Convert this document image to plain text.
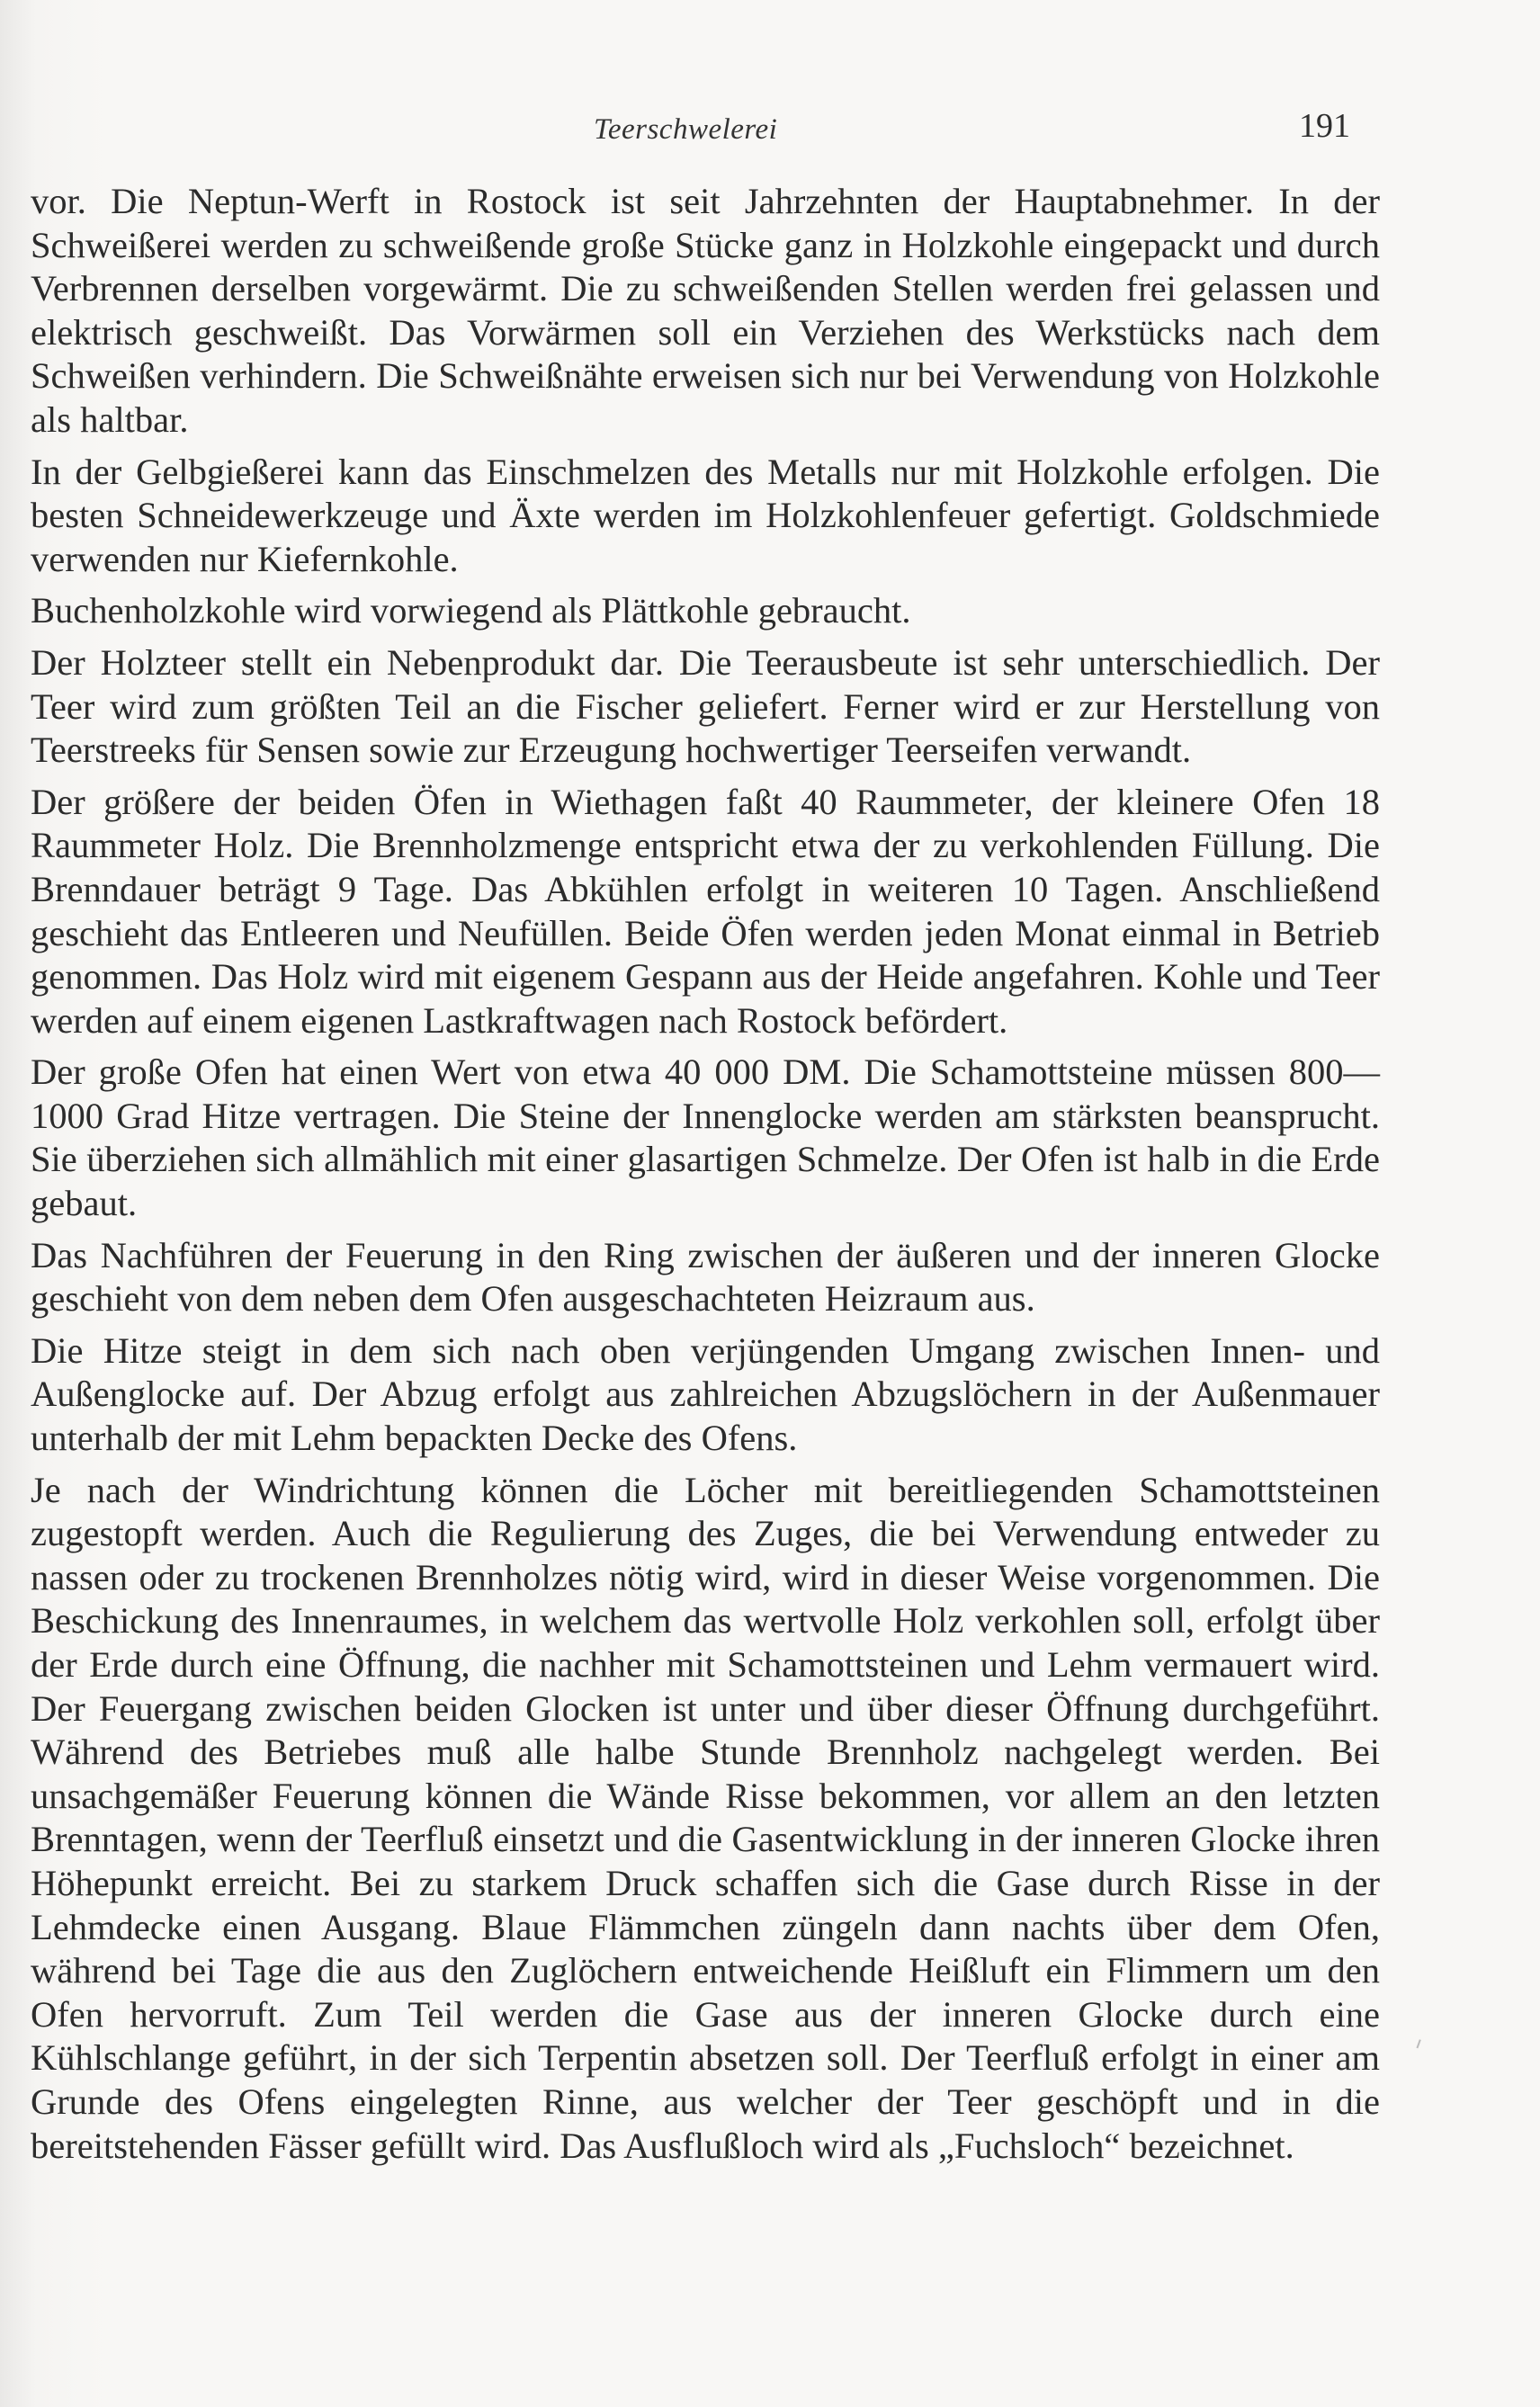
Teerschwelerei	191

vor. Die Neptun-Werft in Rostock ist seit Jahrzehnten der Hauptabnehmer. In der Schweißerei werden zu schweißende große Stücke ganz in Holzkohle eingepackt und durch Verbrennen derselben vorgewärmt. Die zu schweißenden Stellen werden frei gelassen und elektrisch geschweißt. Das Vorwärmen soll ein Verziehen des Werkstücks nach dem Schweißen verhindern. Die Schweißnähte erweisen sich nur bei Verwendung von Holzkohle als haltbar.

In der Gelbgießerei kann das Einschmelzen des Metalls nur mit Holzkohle erfolgen. Die besten Schneidewerkzeuge und Äxte werden im Holzkohlenfeuer gefertigt. Goldschmiede verwenden nur Kiefernkohle.

Buchenholzkohle wird vorwiegend als Plättkohle gebraucht.

Der Holzteer stellt ein Nebenprodukt dar. Die Teerausbeute ist sehr unterschiedlich. Der Teer wird zum größten Teil an die Fischer geliefert. Ferner wird er zur Herstellung von Teerstreeks für Sensen sowie zur Erzeugung hochwertiger Teerseifen verwandt.

Der größere der beiden Öfen in Wiethagen faßt 40 Raummeter, der kleinere Ofen 18 Raummeter Holz. Die Brennholzmenge entspricht etwa der zu verkohlenden Füllung. Die Brenndauer beträgt 9 Tage. Das Abkühlen erfolgt in weiteren 10 Tagen. Anschließend geschieht das Entleeren und Neufüllen. Beide Öfen werden jeden Monat einmal in Betrieb genommen. Das Holz wird mit eigenem Gespann aus der Heide angefahren. Kohle und Teer werden auf einem eigenen Lastkraftwagen nach Rostock befördert.

Der große Ofen hat einen Wert von etwa 40 000 DM. Die Schamottsteine müssen 800—1000 Grad Hitze vertragen. Die Steine der Innenglocke werden am stärksten beansprucht. Sie überziehen sich allmählich mit einer glasartigen Schmelze. Der Ofen ist halb in die Erde gebaut.

Das Nachführen der Feuerung in den Ring zwischen der äußeren und der inneren Glocke geschieht von dem neben dem Ofen ausgeschachteten Heizraum aus.

Die Hitze steigt in dem sich nach oben verjüngenden Umgang zwischen Innen- und Außenglocke auf. Der Abzug erfolgt aus zahlreichen Abzugslöchern in der Außenmauer unterhalb der mit Lehm bepackten Decke des Ofens.

Je nach der Windrichtung können die Löcher mit bereitliegenden Schamottsteinen zugestopft werden. Auch die Regulierung des Zuges, die bei Verwendung entweder zu nassen oder zu trockenen Brennholzes nötig wird, wird in dieser Weise vorgenommen. Die Beschickung des Innenraumes, in welchem das wertvolle Holz verkohlen soll, erfolgt über der Erde durch eine Öffnung, die nachher mit Schamottsteinen und Lehm vermauert wird. Der Feuergang zwischen beiden Glocken ist unter und über dieser Öffnung durchgeführt. Während des Betriebes muß alle halbe Stunde Brennholz nachgelegt werden. Bei unsachgemäßer Feuerung können die Wände Risse bekommen, vor allem an den letzten Brenntagen, wenn der Teerfluß einsetzt und die Gasentwicklung in der inneren Glocke ihren Höhepunkt erreicht. Bei zu starkem Druck schaffen sich die Gase durch Risse in der Lehmdecke einen Ausgang. Blaue Flämmchen züngeln dann nachts über dem Ofen, während bei Tage die aus den Zuglöchern entweichende Heißluft ein Flimmern um den Ofen hervorruft. Zum Teil werden die Gase aus der inneren Glocke durch eine Kühlschlange geführt, in der sich Terpentin absetzen soll. Der Teerfluß erfolgt in einer am Grunde des Ofens eingelegten Rinne, aus welcher der Teer geschöpft und in die bereitstehenden Fässer gefüllt wird. Das Ausflußloch wird als „Fuchsloch“ bezeichnet.
